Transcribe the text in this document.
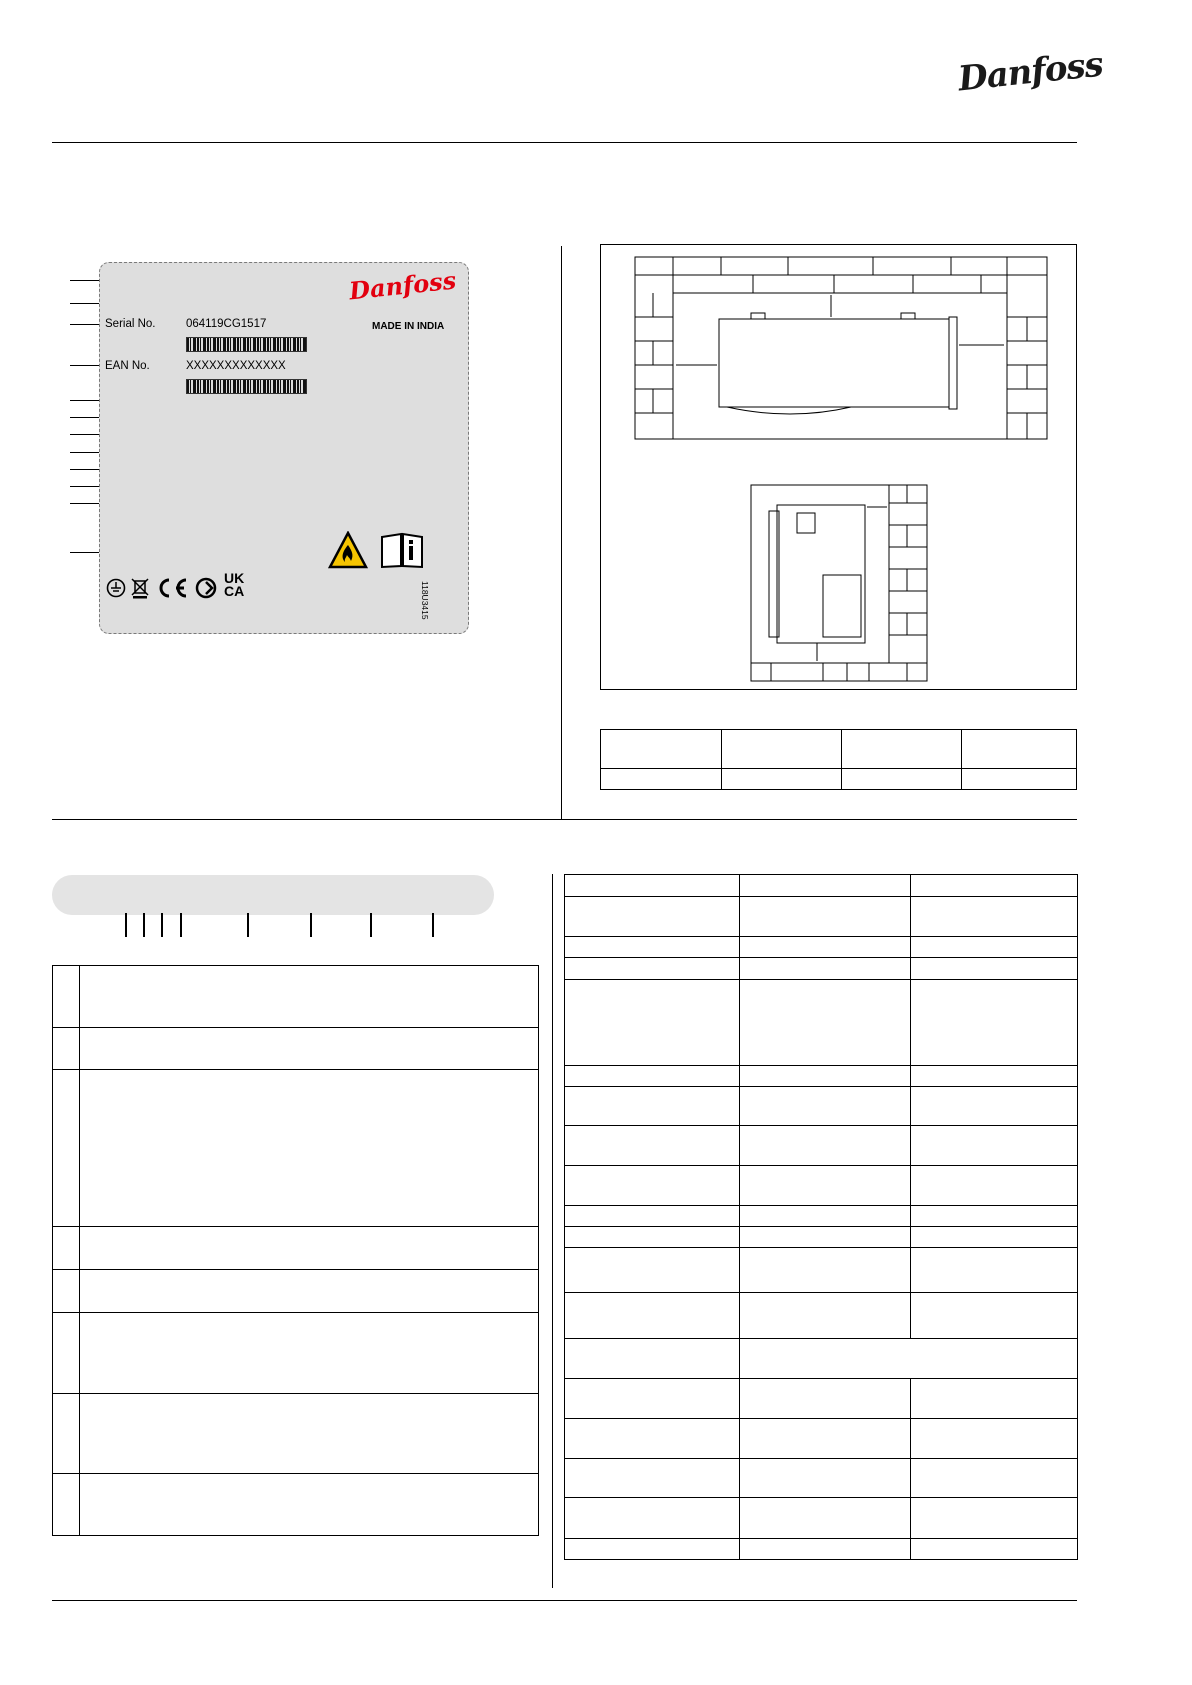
Danfoss
Danfoss
MADE IN INDIA
Serial No.	064119CG1517
EAN No.	XXXXXXXXXXXXX
UK
CA	118U3415
